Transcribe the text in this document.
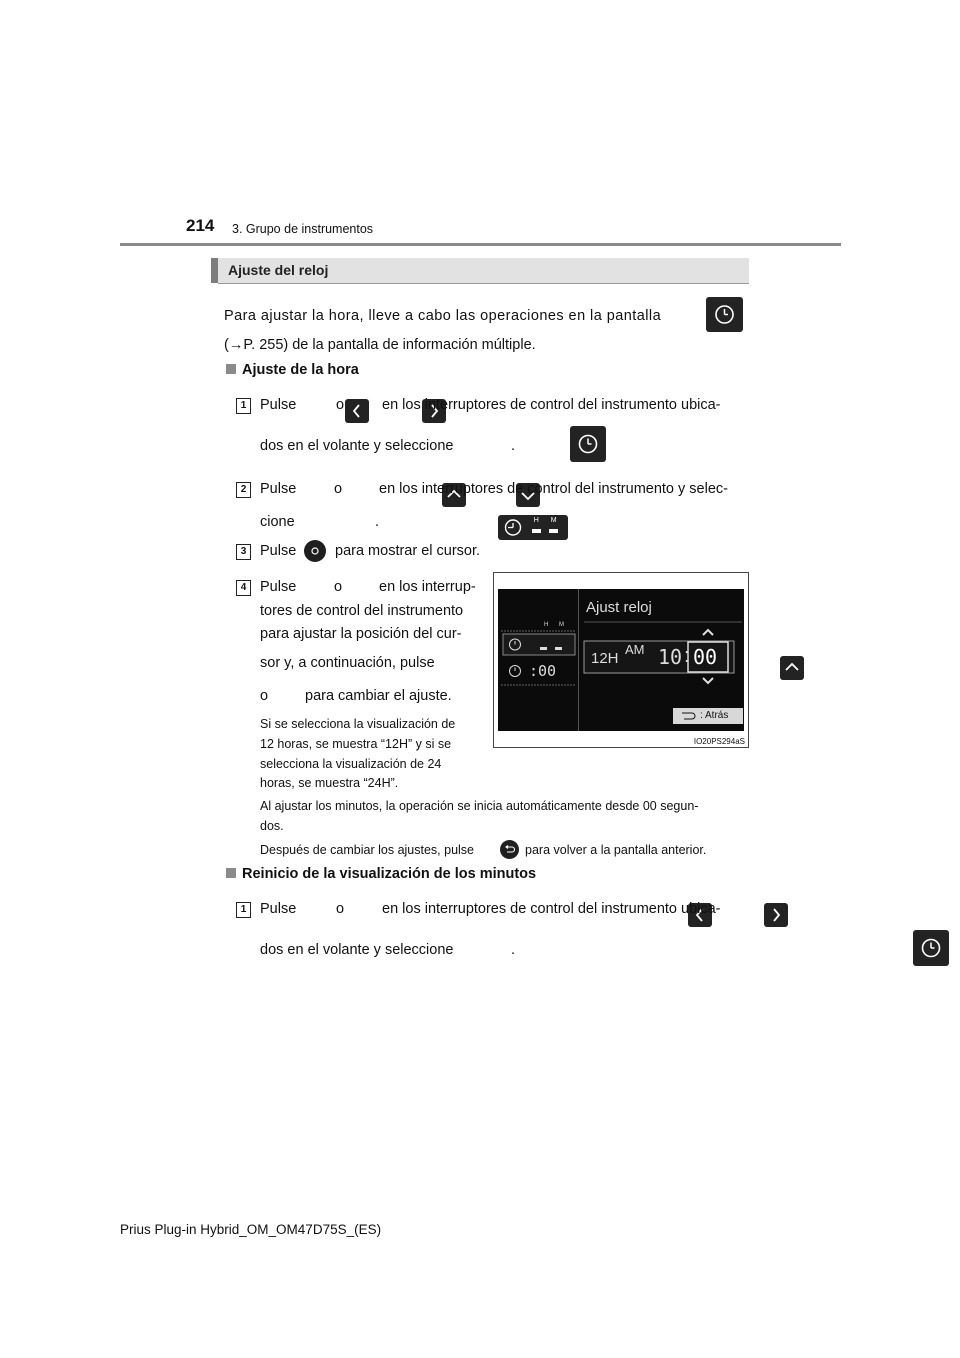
214 3. Grupo de instrumentos
Ajuste del reloj
Para ajustar la hora, lleve a cabo las operaciones en la pantalla

(→P. 255) de la pantalla de información múltiple.
Ajuste de la hora
1 Pulse
	o
	en los interruptores de control del instrumento ubica-
dos en el volante y seleccione
	.
2 Pulse
	o
	en los interruptores de control del instrumento y selec-
cione	H M

.
3 Pulse	para mostrar el cursor.
4 Pulse
	o
	en los interrup-
tores de control del instrumento
para ajustar la posición del cur-
sor y, a continuación, pulse

o
	para cambiar el ajuste.
Si se selecciona la visualización de
12 horas, se muestra “12H” y si se
selecciona la visualización de 24
horas, se muestra “24H”.
Al ajustar los minutos, la operación se inicia automáticamente desde 00 segun-
dos.
Después de cambiar los ajustes, pulse	para volver a la pantalla anterior.
Ajust reloj
H M
:00
12H
AM 10 : 00
: Atrás
IO20PS294aS
Reinicio de la visualización de los minutos
1 Pulse
	o
	en los interruptores de control del instrumento ubica-
dos en el volante y seleccione	.
Prius Plug-in Hybrid_OM_OM47D75S_(ES)
